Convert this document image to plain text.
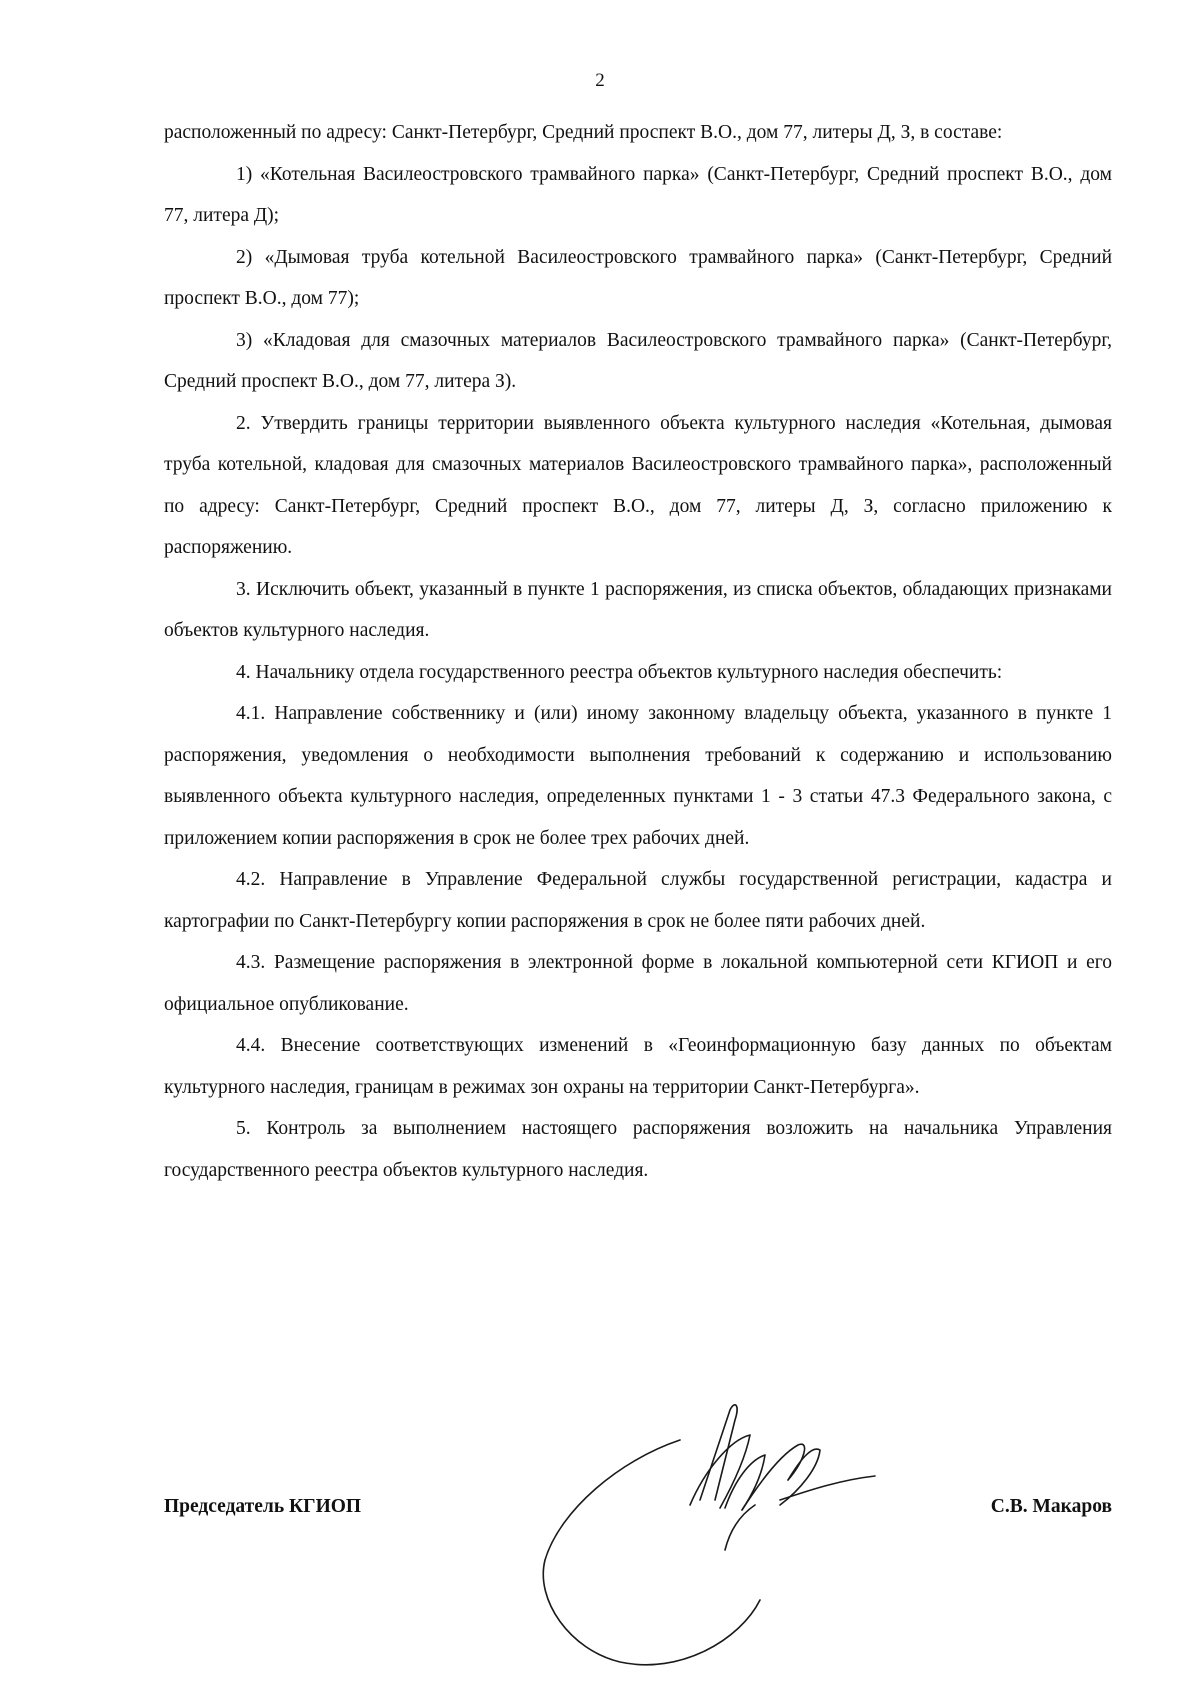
2

расположенный по адресу: Санкт-Петербург, Средний проспект В.О., дом 77, литеры Д, З, в составе:

1) «Котельная Василеостровского трамвайного парка» (Санкт-Петербург, Средний проспект В.О., дом 77, литера Д);

2) «Дымовая труба котельной Василеостровского трамвайного парка» (Санкт-Петербург, Средний проспект В.О., дом 77);

3) «Кладовая для смазочных материалов Василеостровского трамвайного парка» (Санкт-Петербург, Средний проспект В.О., дом 77, литера З).

2. Утвердить границы территории выявленного объекта культурного наследия «Котельная, дымовая труба котельной, кладовая для смазочных материалов Василеостровского трамвайного парка», расположенный по адресу: Санкт-Петербург, Средний проспект В.О., дом 77, литеры Д, З, согласно приложению к распоряжению.

3. Исключить объект, указанный в пункте 1 распоряжения, из списка объектов, обладающих признаками объектов культурного наследия.

4. Начальнику отдела государственного реестра объектов культурного наследия обеспечить:

4.1. Направление собственнику и (или) иному законному владельцу объекта, указанного в пункте 1 распоряжения, уведомления о необходимости выполнения требований к содержанию и использованию выявленного объекта культурного наследия, определенных пунктами 1 - 3 статьи 47.3 Федерального закона, с приложением копии распоряжения в срок не более трех рабочих дней.

4.2. Направление в Управление Федеральной службы государственной регистрации, кадастра и картографии по Санкт-Петербургу копии распоряжения в срок не более пяти рабочих дней.

4.3. Размещение распоряжения в электронной форме в локальной компьютерной сети КГИОП и его официальное опубликование.

4.4. Внесение соответствующих изменений в «Геоинформационную базу данных по объектам культурного наследия, границам в режимах зон охраны на территории Санкт-Петербурга».

5. Контроль за выполнением настоящего распоряжения возложить на начальника Управления государственного реестра объектов культурного наследия.

Председатель КГИОП	С.В. Макаров
